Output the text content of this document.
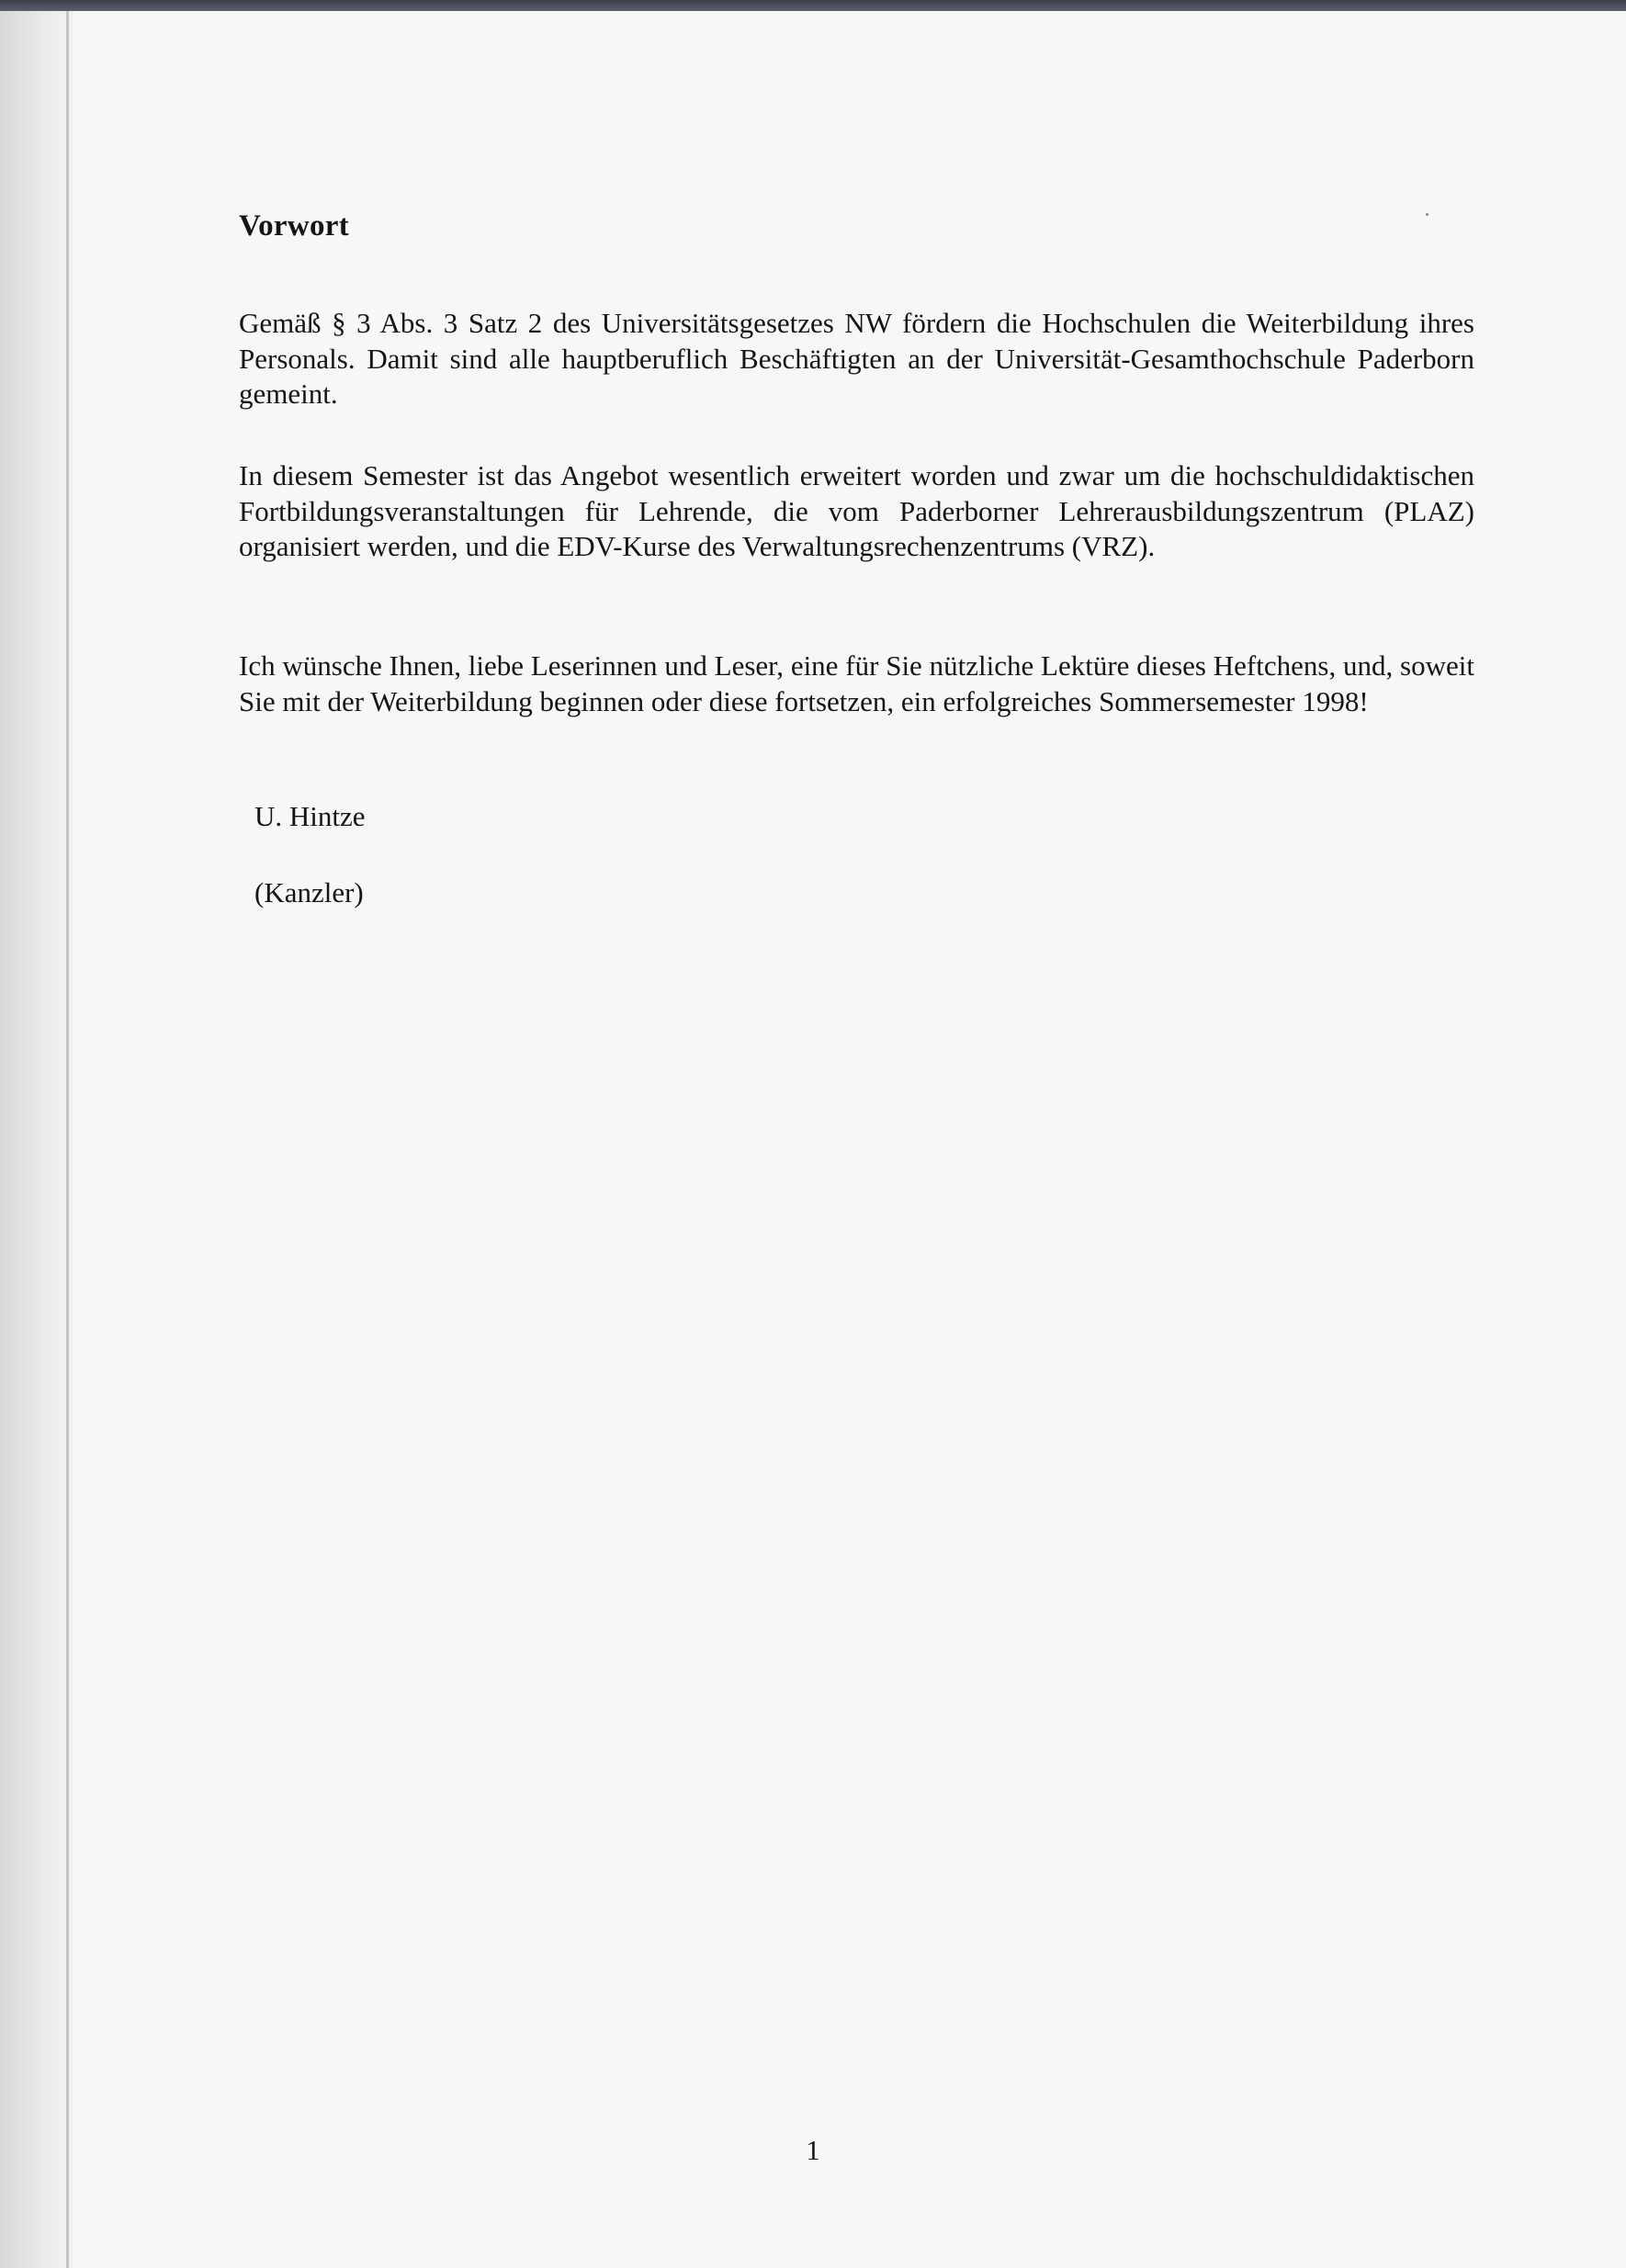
Vorwort

Gemäß § 3 Abs. 3 Satz 2 des Universitätsgesetzes NW fördern die Hochschulen die Weiterbildung ihres Personals. Damit sind alle hauptberuflich Beschäftigten an der Universität-Gesamthochschule Paderborn gemeint.

In diesem Semester ist das Angebot wesentlich erweitert worden und zwar um die hochschuldidaktischen Fortbildungsveranstaltungen für Lehrende, die vom Paderborner Lehrerausbildungszentrum (PLAZ) organisiert werden, und die EDV-Kurse des Verwaltungsrechenzentrums (VRZ).

Ich wünsche Ihnen, liebe Leserinnen und Leser, eine für Sie nützliche Lektüre dieses Heftchens, und, soweit Sie mit der Weiterbildung beginnen oder diese fortsetzen, ein erfolgreiches Sommersemester 1998!

U. Hintze

(Kanzler)

1
